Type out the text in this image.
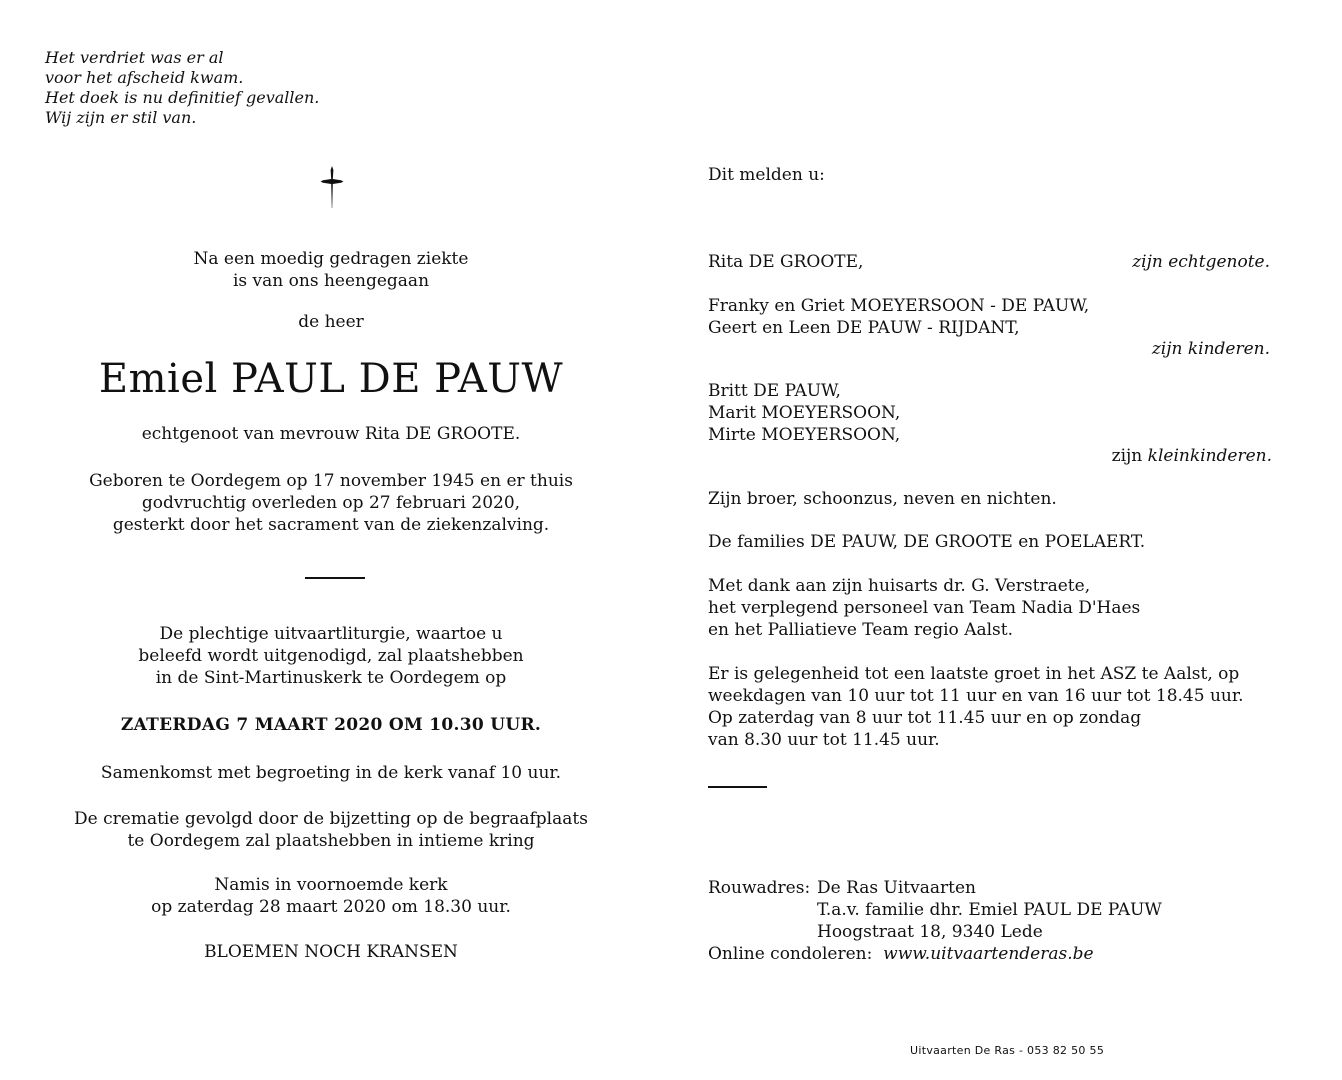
Het verdriet was er al
voor het afscheid kwam.
Het doek is nu definitief gevallen.
Wij zijn er stil van.
Na een moedig gedragen ziekte
is van ons heengegaan
de heer
Emiel PAUL DE PAUW
echtgenoot van mevrouw Rita DE GROOTE.
Geboren te Oordegem op 17 november 1945 en er thuis
godvruchtig overleden op 27 februari 2020,
gesterkt door het sacrament van de ziekenzalving.
De plechtige uitvaartliturgie, waartoe u
beleefd wordt uitgenodigd, zal plaatshebben
in de Sint-Martinuskerk te Oordegem op
ZATERDAG 7 MAART 2020 OM 10.30 UUR.
Samenkomst met begroeting in de kerk vanaf 10 uur.
De crematie gevolgd door de bijzetting op de begraafplaats
te Oordegem zal plaatshebben in intieme kring
Namis in voornoemde kerk
op zaterdag 28 maart 2020 om 18.30 uur.
BLOEMEN NOCH KRANSEN
Dit melden u:
Rita DE GROOTE,	zijn echtgenote.
Franky en Griet MOEYERSOON - DE PAUW,
Geert en Leen DE PAUW - RIJDANT,
zijn kinderen.
Britt DE PAUW,
Marit MOEYERSOON,
Mirte MOEYERSOON,
zijn kleinkinderen.
Zijn broer, schoonzus, neven en nichten.
De families DE PAUW, DE GROOTE en POELAERT.
Met dank aan zijn huisarts dr. G. Verstraete,
het verplegend personeel van Team Nadia D'Haes
en het Palliatieve Team regio Aalst.
Er is gelegenheid tot een laatste groet in het ASZ te Aalst, op
weekdagen van 10 uur tot 11 uur en van 16 uur tot 18.45 uur.
Op zaterdag van 8 uur tot 11.45 uur en op zondag
van 8.30 uur tot 11.45 uur.
Rouwadres: De Ras Uitvaarten
T.a.v. familie dhr. Emiel PAUL DE PAUW
Hoogstraat 18, 9340 Lede
Online condoleren: www.uitvaartenderas.be
Uitvaarten De Ras - 053 82 50 55
